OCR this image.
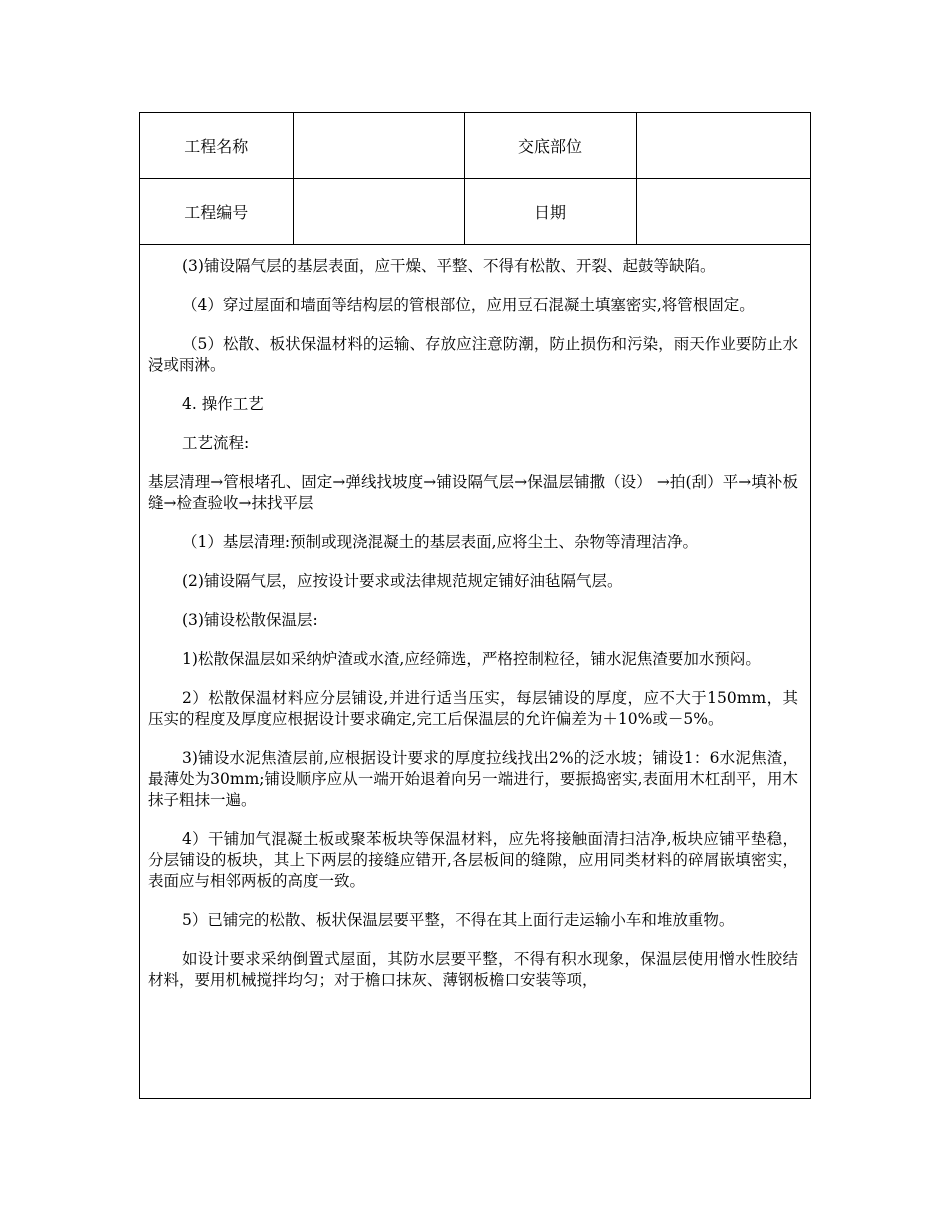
工程名称		交底部位	
工程编号		日期	

(3)铺设隔气层的基层表面，应干燥、平整、不得有松散、开裂、起鼓等缺陷。

（4）穿过屋面和墙面等结构层的管根部位，应用豆石混凝土填塞密实,将管根固定。

（5）松散、板状保温材料的运输、存放应注意防潮，防止损伤和污染，雨天作业要防止水浸或雨淋。

4. 操作工艺

工艺流程:

基层清理→管根堵孔、固定→弹线找坡度→铺设隔气层→保温层铺撒（设） →拍(刮）平→填补板缝→检查验收→抹找平层

（1）基层清理:预制或现浇混凝土的基层表面,应将尘土、杂物等清理洁净。

(2)铺设隔气层，应按设计要求或法律规范规定铺好油毡隔气层。

(3)铺设松散保温层:

1)松散保温层如采纳炉渣或水渣,应经筛选，严格控制粒径，铺水泥焦渣要加水预闷。

2）松散保温材料应分层铺设,并进行适当压实，每层铺设的厚度，应不大于150mm，其压实的程度及厚度应根据设计要求确定,完工后保温层的允许偏差为＋10%或－5%。

3)铺设水泥焦渣层前,应根据设计要求的厚度拉线找出2%的泛水坡；铺设1：6水泥焦渣，最薄处为30mm;铺设顺序应从一端开始退着向另一端进行，要振捣密实,表面用木杠刮平，用木抹子粗抹一遍。

4）干铺加气混凝土板或聚苯板块等保温材料，应先将接触面清扫洁净,板块应铺平垫稳，分层铺设的板块，其上下两层的接缝应错开,各层板间的缝隙，应用同类材料的碎屑嵌填密实，表面应与相邻两板的高度一致。

5）已铺完的松散、板状保温层要平整，不得在其上面行走运输小车和堆放重物。

如设计要求采纳倒置式屋面，其防水层要平整，不得有积水现象，保温层使用憎水性胶结材料，要用机械搅拌均匀；对于檐口抹灰、薄钢板檐口安装等项，
